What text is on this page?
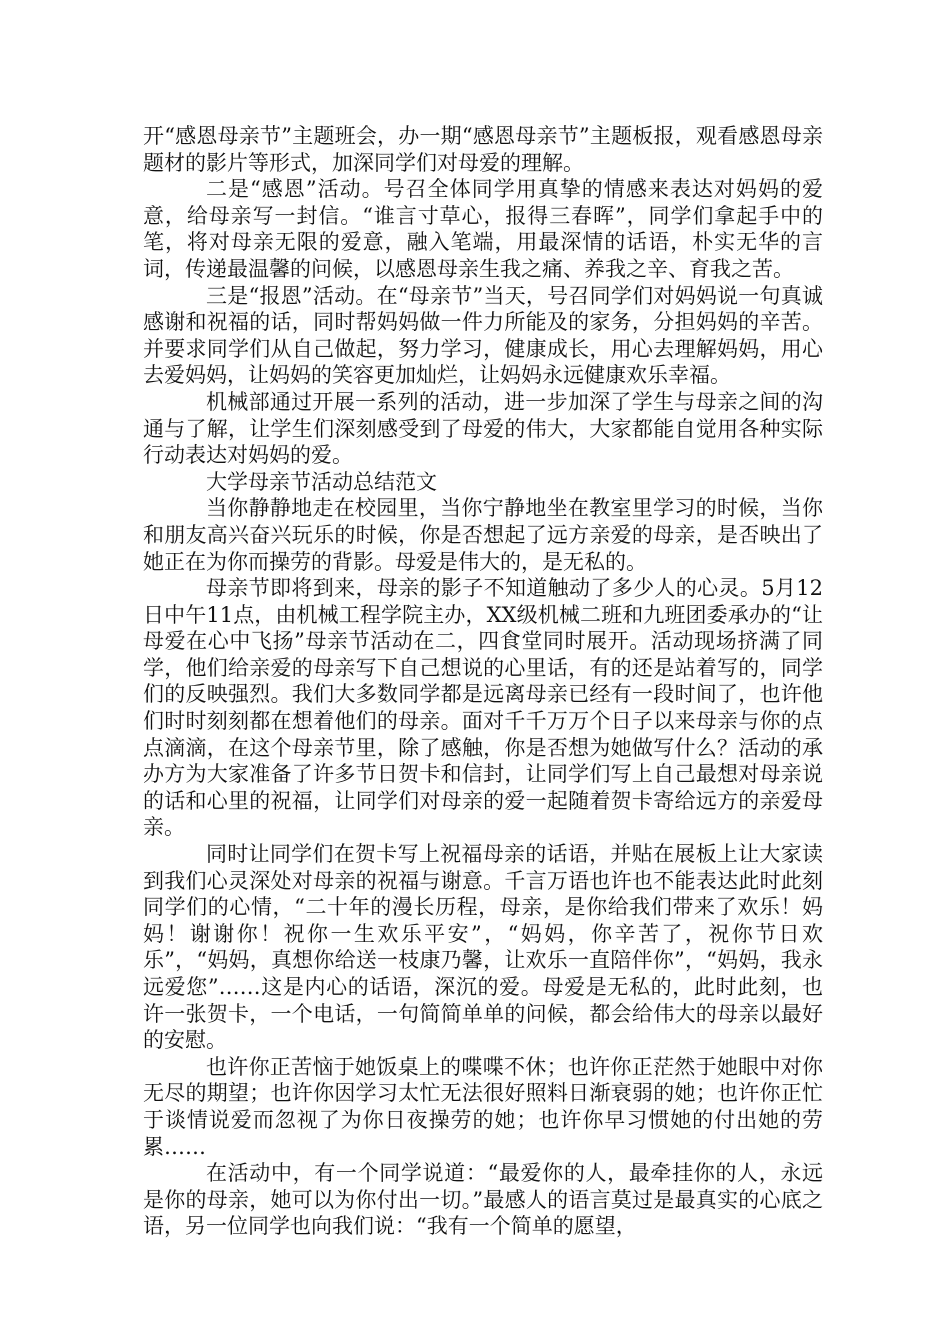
开“感恩母亲节”主题班会，办一期“感恩母亲节”主题板报，观看感恩母亲题材的影片等形式，加深同学们对母爱的理解。

二是“感恩”活动。号召全体同学用真挚的情感来表达对妈妈的爱意，给母亲写一封信。“谁言寸草心，报得三春晖”，同学们拿起手中的笔，将对母亲无限的爱意，融入笔端，用最深情的话语，朴实无华的言词，传递最温馨的问候，以感恩母亲生我之痛、养我之辛、育我之苦。

三是“报恩”活动。在“母亲节”当天，号召同学们对妈妈说一句真诚感谢和祝福的话，同时帮妈妈做一件力所能及的家务，分担妈妈的辛苦。并要求同学们从自己做起，努力学习，健康成长，用心去理解妈妈，用心去爱妈妈，让妈妈的笑容更加灿烂，让妈妈永远健康欢乐幸福。

机械部通过开展一系列的活动，进一步加深了学生与母亲之间的沟通与了解，让学生们深刻感受到了母爱的伟大，大家都能自觉用各种实际行动表达对妈妈的爱。

大学母亲节活动总结范文

当你静静地走在校园里，当你宁静地坐在教室里学习的时候，当你和朋友高兴奋兴玩乐的时候，你是否想起了远方亲爱的母亲，是否映出了她正在为你而操劳的背影。母爱是伟大的，是无私的。

母亲节即将到来，母亲的影子不知道触动了多少人的心灵。5月12日中午11点，由机械工程学院主办，XX级机械二班和九班团委承办的“让母爱在心中飞扬”母亲节活动在二，四食堂同时展开。活动现场挤满了同学，他们给亲爱的母亲写下自己想说的心里话，有的还是站着写的，同学们的反映强烈。我们大多数同学都是远离母亲已经有一段时间了，也许他们时时刻刻都在想着他们的母亲。面对千千万万个日子以来母亲与你的点点滴滴，在这个母亲节里，除了感触，你是否想为她做写什么？活动的承办方为大家准备了许多节日贺卡和信封，让同学们写上自己最想对母亲说的话和心里的祝福，让同学们对母亲的爱一起随着贺卡寄给远方的亲爱母亲。

同时让同学们在贺卡写上祝福母亲的话语，并贴在展板上让大家读到我们心灵深处对母亲的祝福与谢意。千言万语也许也不能表达此时此刻同学们的心情，“二十年的漫长历程，母亲，是你给我们带来了欢乐！妈妈！谢谢你！祝你一生欢乐平安”，“妈妈，你辛苦了，祝你节日欢乐”，“妈妈，真想你给送一枝康乃馨，让欢乐一直陪伴你”，“妈妈，我永远爱您”……这是内心的话语，深沉的爱。母爱是无私的，此时此刻，也许一张贺卡，一个电话，一句简简单单的问候，都会给伟大的母亲以最好的安慰。

也许你正苦恼于她饭桌上的喋喋不休；也许你正茫然于她眼中对你无尽的期望；也许你因学习太忙无法很好照料日渐衰弱的她；也许你正忙于谈情说爱而忽视了为你日夜操劳的她；也许你早习惯她的付出她的劳累……

在活动中，有一个同学说道：“最爱你的人，最牵挂你的人，永远是你的母亲，她可以为你付出一切。”最感人的语言莫过是最真实的心底之语，另一位同学也向我们说：“我有一个简单的愿望，
